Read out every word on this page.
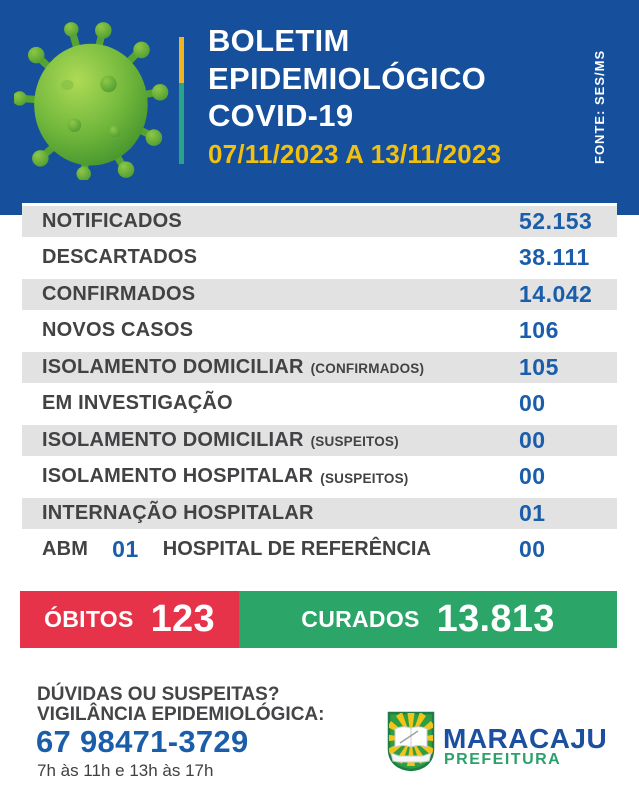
BOLETIM
EPIDEMIOLÓGICO
COVID-19
07/11/2023 A 13/11/2023	FONTE: SES/MS
NOTIFICADOS	52.153
DESCARTADOS	38.111
CONFIRMADOS	14.042
NOVOS CASOS	106
ISOLAMENTO DOMICILIAR (CONFIRMADOS)	105
EM INVESTIGAÇÃO	00
ISOLAMENTO DOMICILIAR (SUSPEITOS)	00
ISOLAMENTO HOSPITALAR (SUSPEITOS)	00
INTERNAÇÃO HOSPITALAR	01
ABM 01 HOSPITAL DE REFERÊNCIA	00
ÓBITOS 123	CURADOS 13.813
DÚVIDAS OU SUSPEITAS?
VIGILÂNCIA EPIDEMIOLÓGICA:
67 98471-3729
7h às 11h e 13h às 17h
MARACAJU
PREFEITURA
